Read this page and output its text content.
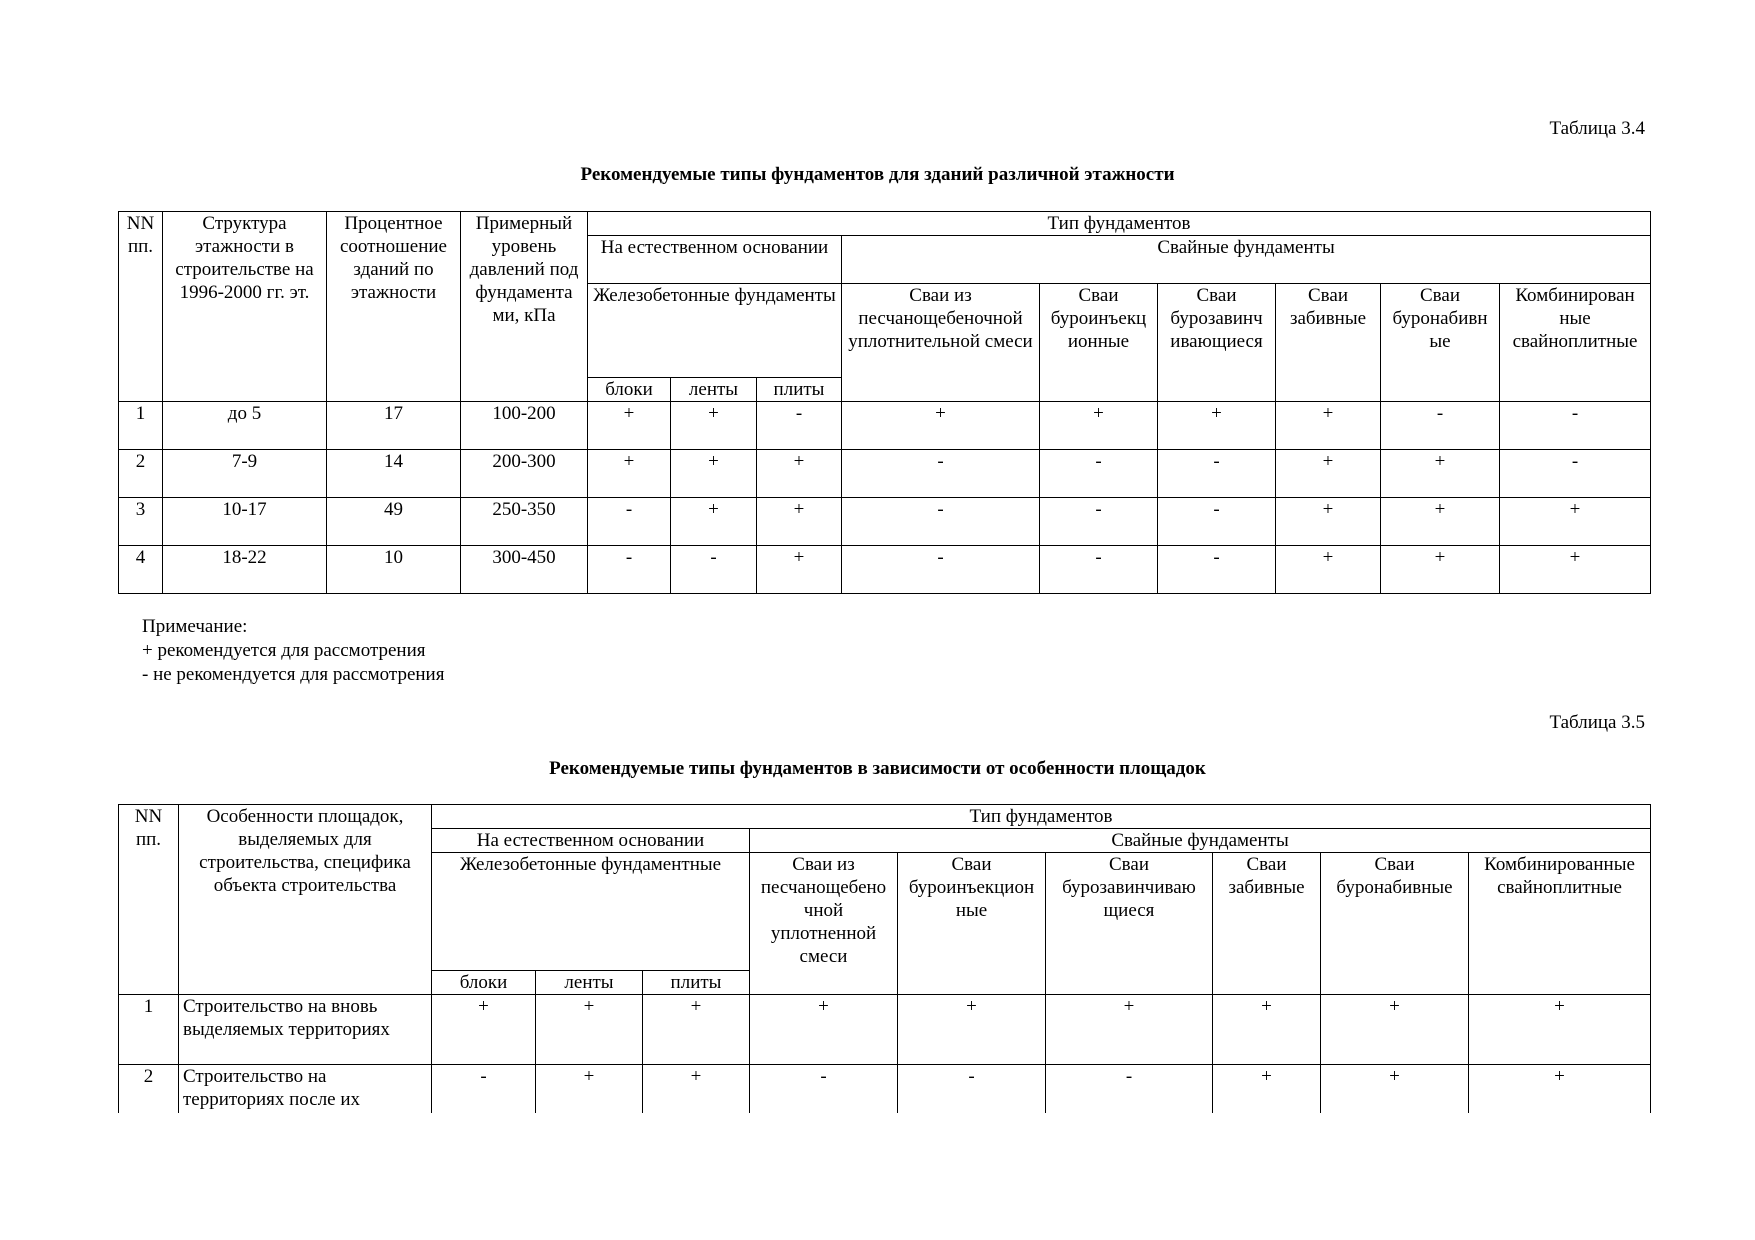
Таблица 3.4
Рекомендуемые типы фундаментов для зданий различной этажности
NN пп.	Структура этажности в строительстве на 1996-2000 гг. эт.	Процентное соотношение зданий по этажности	Примерный уровень давлений под фундамента ми, кПа	Тип фундаментов								
				На естественном основании			Свайные фундаменты					
				Железобетонные фундаменты			Сваи из песчанощебеночной уплотнительной смеси	Сваи буроинъекц ионные	Сваи бурозавинч ивающиеся	Сваи забивные	Сваи буронабивн ые	Комбинирован ные свайноплитные
				блоки	ленты	плиты						
1	до 5	17	100-200	+	+	-	+	+	+	+	-	-
2	7-9	14	200-300	+	+	+	-	-	-	+	+	-
3	10-17	49	250-350	-	+	+	-	-	-	+	+	+
4	18-22	10	300-450	-	-	+	-	-	-	+	+	+
Примечание:
+ рекомендуется для рассмотрения
- не рекомендуется для рассмотрения
Таблица 3.5
Рекомендуемые типы фундаментов в зависимости от особенности площадок
NN пп.	Особенности площадок, выделяемых для строительства, специфика объекта строительства	Тип фундаментов								
		На естественном основании			Свайные фундаменты					
		Железобетонные фундаментные			Сваи из песчанощебено чной уплотненной смеси	Сваи буроинъекцион ные	Сваи бурозавинчиваю щиеся	Сваи забивные	Сваи буронабивные	Комбинированные свайноплитные
		блоки	ленты	плиты						
1	Строительство на вновь выделяемых территориях	+	+	+	+	+	+	+	+	+
2	Строительство на территориях после их	-	+	+	-	-	-	+	+	+
